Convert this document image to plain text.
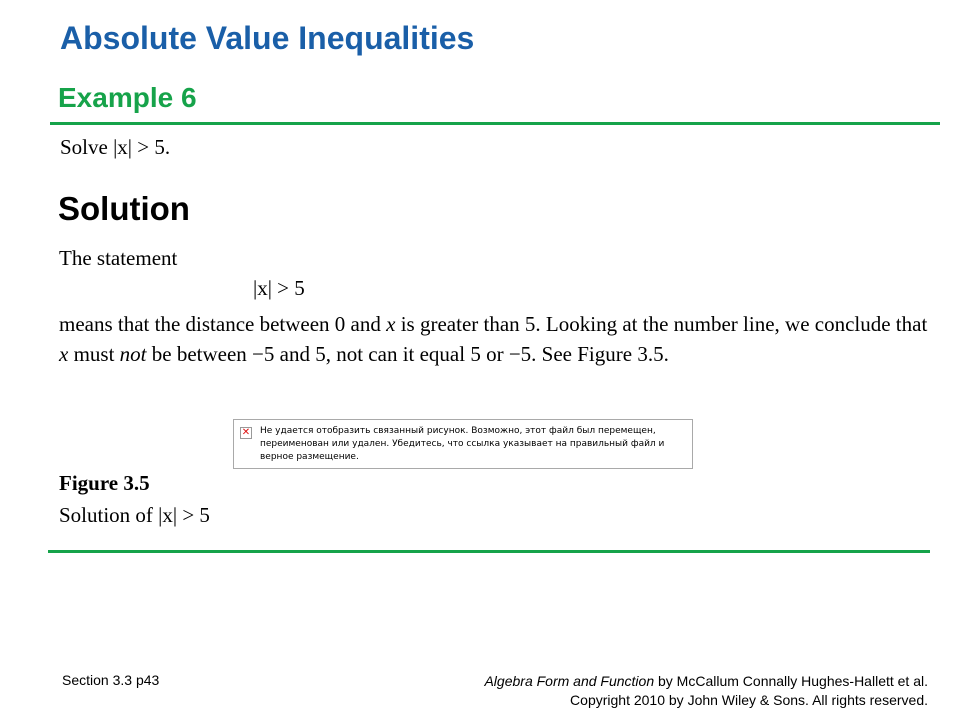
Absolute Value Inequalities
Example 6
Solve |x| > 5.
Solution
The statement
|x| > 5

means that the distance between 0 and x is greater than 5. Looking at the number line, we conclude that x must not be between −5 and 5, not can it equal 5 or −5. See Figure 3.5.

✕ Не удается отобразить связанный рисунок. Возможно, этот файл был перемещен, переименован или удален. Убедитесь, что ссылка указывает на правильный файл и верное размещение.
Figure 3.5
Solution of |x| > 5
Section 3.3 p43	Algebra Form and Function by McCallum Connally Hughes-Hallett et al.
Copyright 2010 by John Wiley & Sons. All rights reserved.
